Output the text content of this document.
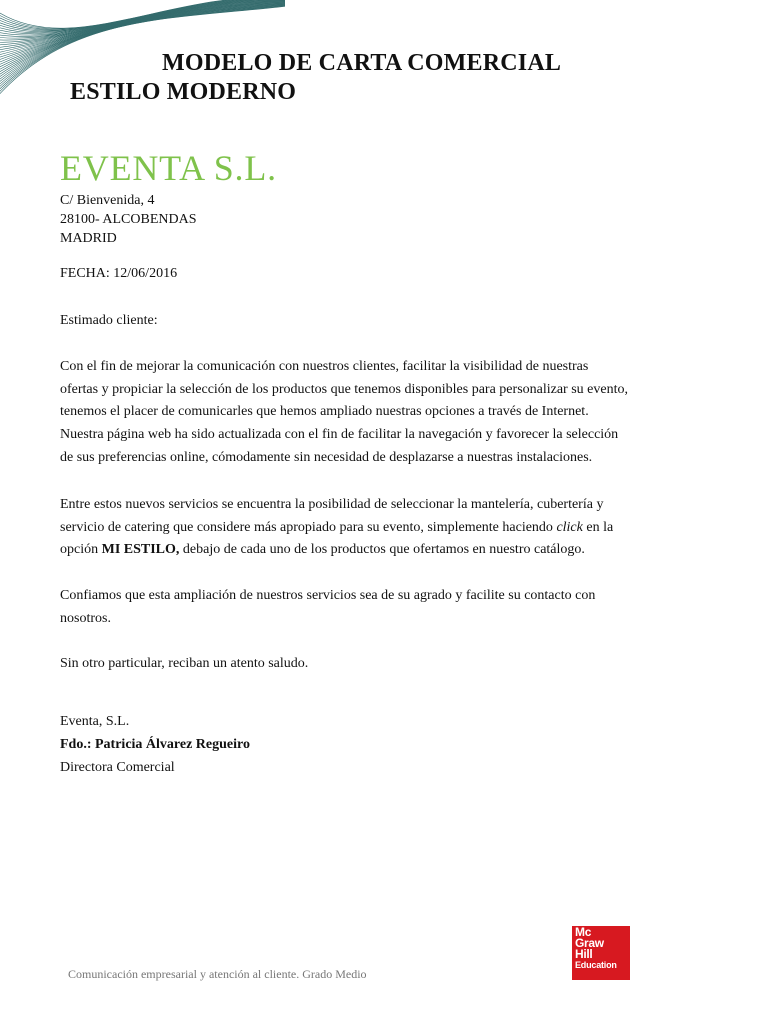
MODELO DE CARTA COMERCIAL
ESTILO MODERNO
EVENTA S.L.
C/ Bienvenida, 4
28100- ALCOBENDAS
MADRID
FECHA: 12/06/2016
Estimado cliente:
Con el fin de mejorar la comunicación con nuestros clientes, facilitar la visibilidad de nuestras
ofertas y propiciar la selección de los productos que tenemos disponibles para personalizar su evento,
tenemos el placer de comunicarles que hemos ampliado nuestras opciones a través de Internet.
Nuestra página web ha sido actualizada con el fin de facilitar la navegación y favorecer la selección
de sus preferencias online, cómodamente sin necesidad de desplazarse a nuestras instalaciones.
Entre estos nuevos servicios se encuentra la posibilidad de seleccionar la mantelería, cubertería y
servicio de catering que considere más apropiado para su evento, simplemente haciendo click en la
opción MI ESTILO, debajo de cada uno de los productos que ofertamos en nuestro catálogo.
Confiamos que esta ampliación de nuestros servicios sea de su agrado y facilite su contacto con
nosotros.
Sin otro particular, reciban un atento saludo.
Eventa, S.L.
Fdo.: Patricia Álvarez Regueiro
Directora Comercial
Comunicación empresarial y atención al cliente. Grado Medio
Mc
Graw
Hill
Education
